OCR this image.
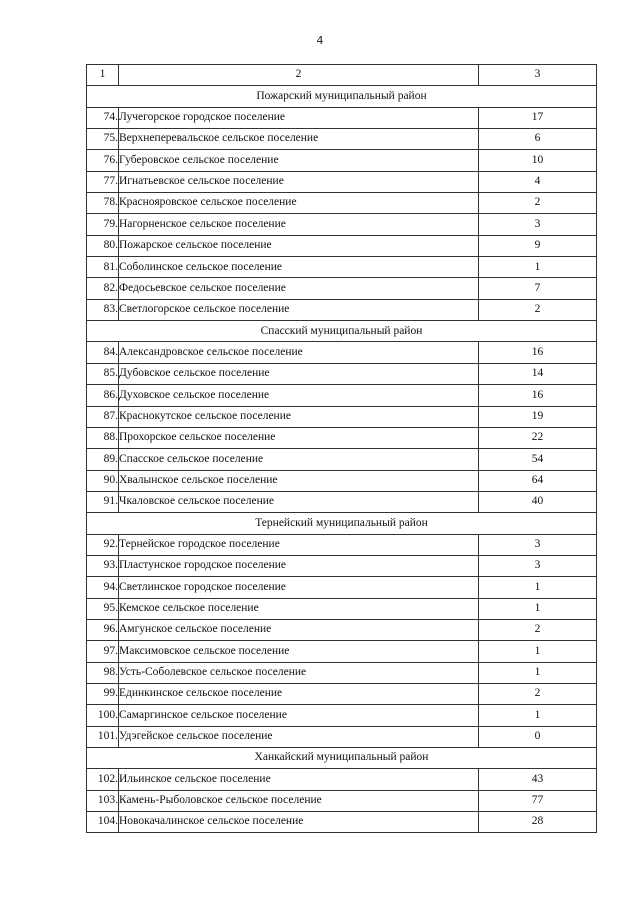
4
1	2	3
Пожарский муниципальный район		
74.	Лучегорское городское поселение	17
75.	Верхнеперевальское сельское поселение	6
76.	Губеровское сельское поселение	10
77.	Игнатьевское сельское поселение	4
78.	Краснояровское сельское поселение	2
79.	Нагорненское сельское поселение	3
80.	Пожарское сельское поселение	9
81.	Соболинское сельское поселение	1
82.	Федосьевское сельское поселение	7
83.	Светлогорское сельское поселение	2
Спасский муниципальный район		
84.	Александровское сельское поселение	16
85.	Дубовское сельское поселение	14
86.	Духовское сельское поселение	16
87.	Краснокутское сельское поселение	19
88.	Прохорское сельское поселение	22
89.	Спасское сельское поселение	54
90.	Хвалынское сельское поселение	64
91.	Чкаловское сельское поселение	40
Тернейский муниципальный район		
92.	Тернейское городское поселение	3
93.	Пластунское городское поселение	3
94.	Светлинское городское поселение	1
95.	Кемское сельское поселение	1
96.	Амгунское сельское поселение	2
97.	Максимовское сельское поселение	1
98.	Усть-Соболевское сельское поселение	1
99.	Единкинское сельское поселение	2
100.	Самаргинское сельское поселение	1
101.	Удэгейское сельское поселение	0
Ханкайский муниципальный район		
102.	Ильинское сельское поселение	43
103.	Камень-Рыболовское сельское поселение	77
104.	Новокачалинское сельское поселение	28
